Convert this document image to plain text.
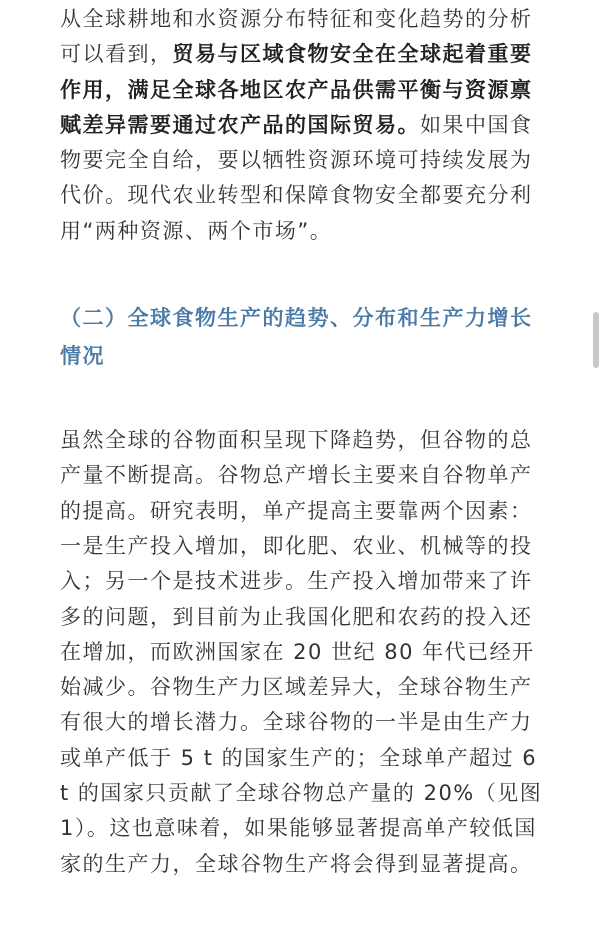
从全球耕地和水资源分布特征和变化趋势的分析可以看到，贸易与区域食物安全在全球起着重要作用，满足全球各地区农产品供需平衡与资源禀赋差异需要通过农产品的国际贸易。如果中国食物要完全自给，要以牺牲资源环境可持续发展为代价。现代农业转型和保障食物安全都要充分利用“两种资源、两个市场”。

（二）全球食物生产的趋势、分布和生产力增长情况

虽然全球的谷物面积呈现下降趋势，但谷物的总产量不断提高。谷物总产增长主要来自谷物单产的提高。研究表明，单产提高主要靠两个因素：一是生产投入增加，即化肥、农业、机械等的投入；另一个是技术进步。生产投入增加带来了许多的问题，到目前为止我国化肥和农药的投入还在增加，而欧洲国家在 20 世纪 80 年代已经开始减少。谷物生产力区域差异大，全球谷物生产有很大的增长潜力。全球谷物的一半是由生产力或单产低于 5 t 的国家生产的；全球单产超过 6 t 的国家只贡献了全球谷物总产量的 20%（见图 1）。这也意味着，如果能够显著提高单产较低国家的生产力，全球谷物生产将会得到显著提高。
